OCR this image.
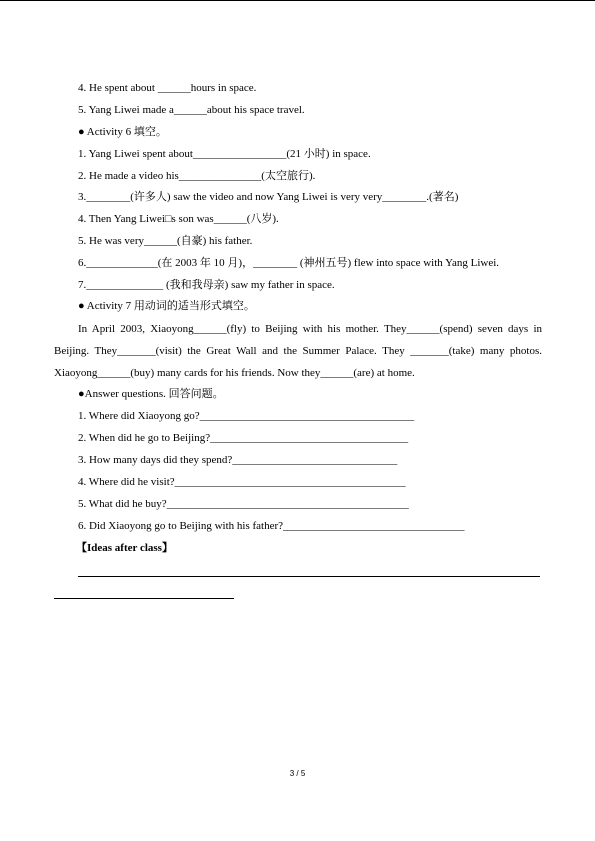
4. He spent about ______hours in space.
5. Yang Liwei made a______about his space travel.
● Activity 6 填空。
1. Yang Liwei spent about_________________(21 小时) in space.
2. He made a video his_______________(太空旅行).
3.________(许多人) saw the video and now Yang Liwei is very very________.(著名)
4. Then Yang Liwei□s son was______(八岁).
5. He was very______(自豪) his father.
6._____________(在 2003 年 10 月)，________ (神州五号) flew into space with Yang Liwei.
7.______________ (我和我母亲) saw my father in space.
● Activity 7 用动词的适当形式填空。
In April 2003, Xiaoyong______(fly) to Beijing with his mother. They______(spend) seven days in Beijing. They_______(visit) the Great Wall and the Summer Palace. They _______(take) many photos. Xiaoyong______(buy) many cards for his friends. Now they______(are) at home.
●Answer questions. 回答问题。
1. Where did Xiaoyong go?_______________________________________
2. When did he go to Beijing?____________________________________
3. How many days did they spend?______________________________
4. Where did he visit?__________________________________________
5. What did he buy?____________________________________________
6. Did Xiaoyong go to Beijing with his father?_________________________________
【Ideas after class】
3 / 5
